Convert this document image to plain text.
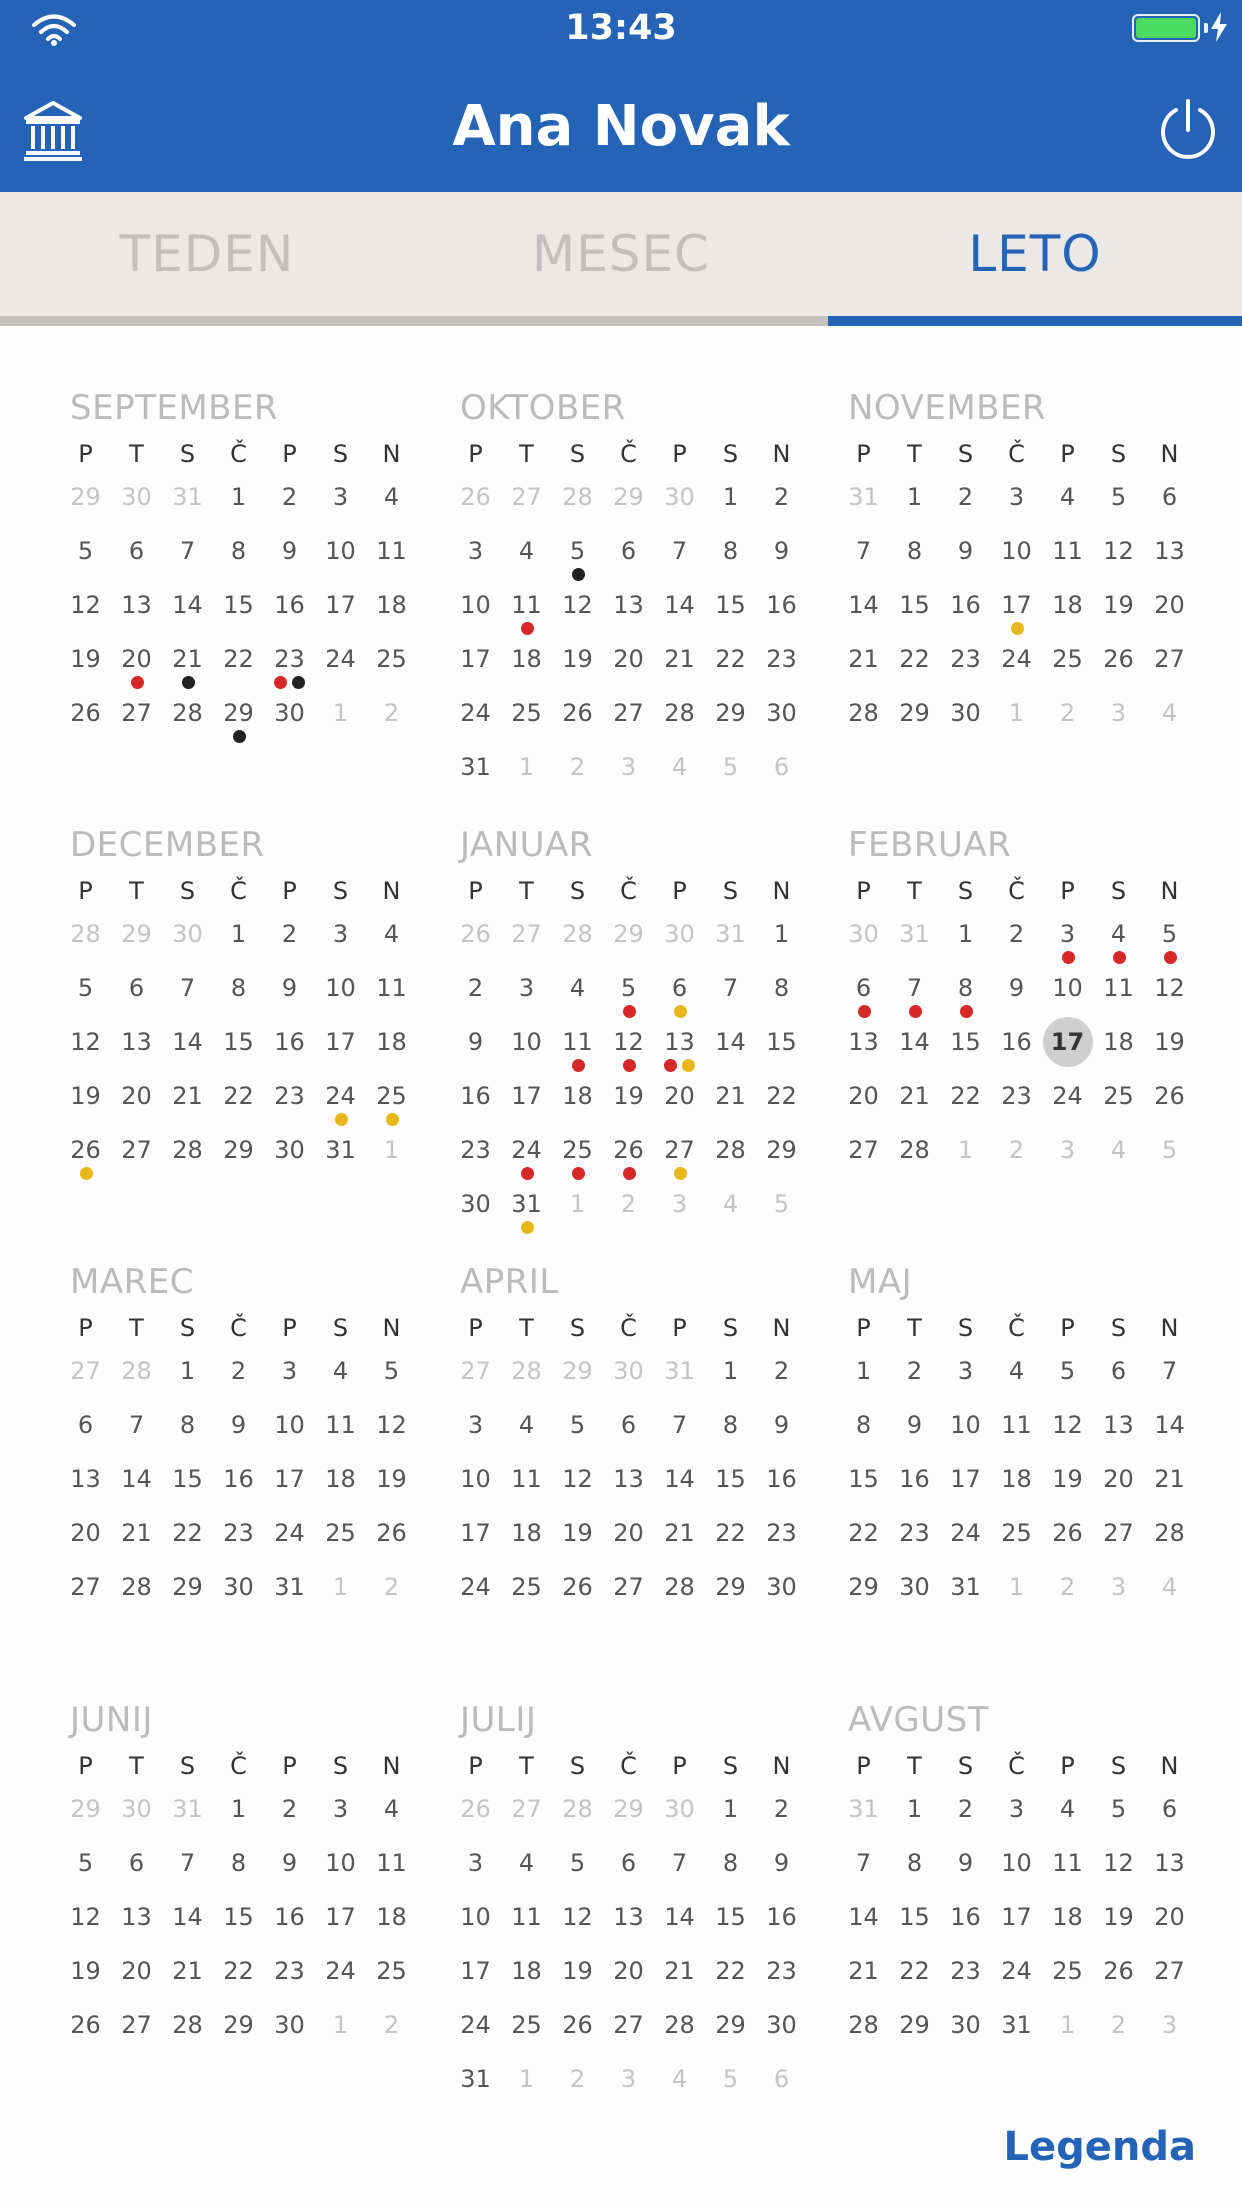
13:43
Ana Novak
TEDEN	MESEC	LETO
SEPTEMBER
P	T	S	Č	P	S	N
29 30 31	1	2	3	4
5	6	7	8	9	10 11
12 13 14 15 16 17 18
19 20 21 22 23 24 25
26 27 28 29 30	1	2
OKTOBER
P	T	S	Č	P	S	N
26 27 28 29 30	1	2
3	4	5	6	7	8	9
10 11 12 13 14 15 16
17 18 19 20 21 22 23
24 25 26 27 28 29 30
31	1	2	3	4	5	6
NOVEMBER
P	T	S	Č	P	S	N
31	1	2	3	4	5	6
7	8	9	10 11 12 13
14 15 16 17 18 19 20
21 22 23 24 25 26 27
28 29 30	1	2	3	4
DECEMBER
P	T	S	Č	P	S	N
28 29 30	1	2	3	4
5	6	7	8	9	10 11
12 13 14 15 16 17 18
19 20 21 22 23 24 25
26 27 28 29 30 31	1
JANUAR
P	T	S	Č	P	S	N
26 27 28 29 30 31	1
2	3	4	5	6	7	8
9	10 11 12 13 14 15
16 17 18 19 20 21 22
23 24 25 26 27 28 29
30 31	1	2	3	4	5
FEBRUAR
P	T	S	Č	P	S	N
30 31	1	2	3	4	5
6	7	8	9	10 11 12
13 14 15 16 17 18 19
20 21 22 23 24 25 26
27 28	1	2	3	4	5
MAREC
P	T	S	Č	P	S	N
27 28	1	2	3	4	5
6	7	8	9	10 11 12
13 14 15 16 17 18 19
20 21 22 23 24 25 26
27 28 29 30 31	1	2
APRIL
P	T	S	Č	P	S	N
27 28 29 30 31	1	2
3	4	5	6	7	8	9
10 11 12 13 14 15 16
17 18 19 20 21 22 23
24 25 26 27 28 29 30
MAJ
P	T	S	Č	P	S	N
1	2	3	4	5	6	7
8	9	10 11 12 13 14
15 16 17 18 19 20 21
22 23 24 25 26 27 28
29 30 31	1	2	3	4
JUNIJ
P	T	S	Č	P	S	N
29 30 31	1	2	3	4
5	6	7	8	9	10 11
12 13 14 15 16 17 18
19 20 21 22 23 24 25
26 27 28 29 30	1	2
JULIJ
P	T	S	Č	P	S	N
26 27 28 29 30	1	2
3	4	5	6	7	8	9
10 11 12 13 14 15 16
17 18 19 20 21 22 23
24 25 26 27 28 29 30
31	1	2	3	4	5	6
AVGUST
P	T	S	Č	P	S	N
31	1	2	3	4	5	6
7	8	9	10 11 12 13
14 15 16 17 18 19 20
21 22 23 24 25 26 27
28 29 30 31	1	2	3
Legenda
